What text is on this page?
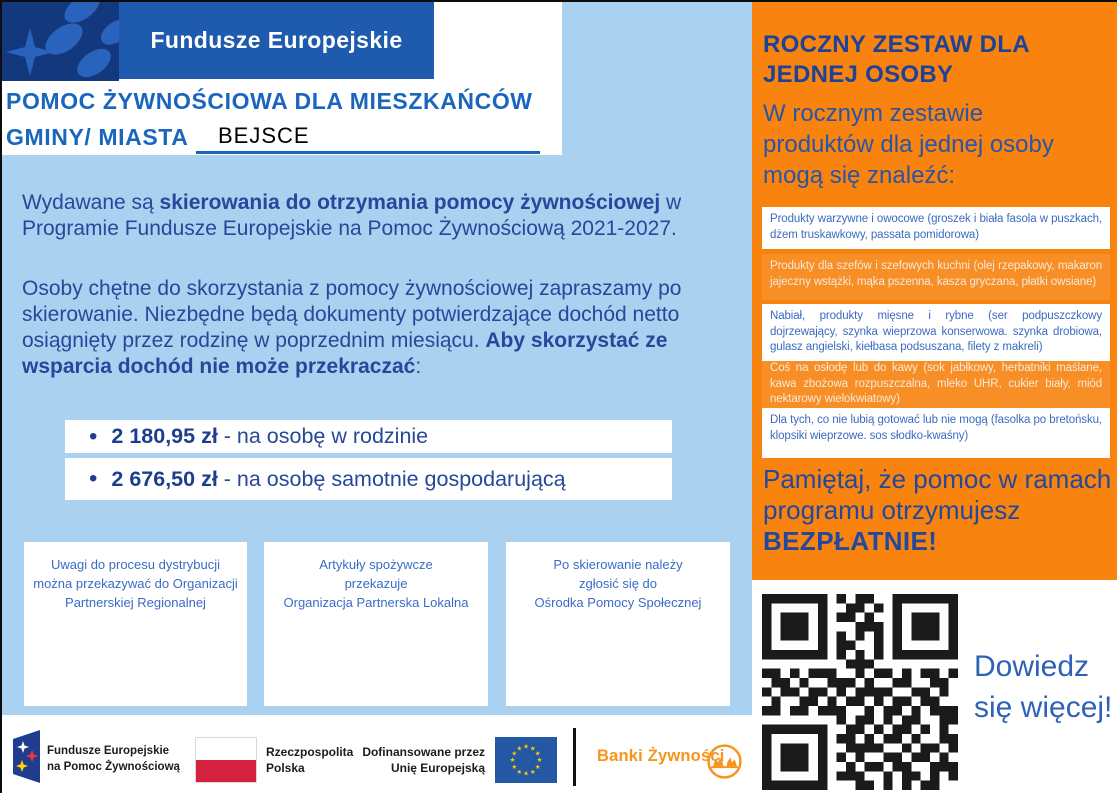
Fundusze Europejskie
POMOC ŻYWNOŚCIOWA DLA MIESZKAŃCÓW
GMINY/ MIASTA	BEJSCE
Wydawane są skierowania do otrzymania pomocy żywnościowej w
Programie Fundusze Europejskie na Pomoc Żywnościową 2021-2027.
Osoby chętne do skorzystania z pomocy żywnościowej zapraszamy po
skierowanie. Niezbędne będą dokumenty potwierdzające dochód netto
osiągnięty przez rodzinę w poprzednim miesiącu. Aby skorzystać ze
wsparcia dochód nie może przekraczać:
• 2 180,95 zł - na osobę w rodzinie
• 2 676,50 zł - na osobę samotnie gospodarującą
Uwagi do procesu dystrybucji
można przekazywać do Organizacji
Partnerskiej Regionalnej
Artykuły spożywcze
przekazuje
Organizacja Partnerska Lokalna
Po skierowanie należy
zgłosić się do
Ośrodka Pomocy Społecznej
ROCZNY ZESTAW DLA
JEDNEJ OSOBY
W rocznym zestawie
produktów dla jednej osoby
mogą się znaleźć:
Produkty warzywne i owocowe (groszek i biała fasola w puszkach, dżem truskawkowy, passata pomidorowa)
Produkty dla szefów i szefowych kuchni (olej rzepakowy, makaron jajeczny wstążki, mąka pszenna, kasza gryczana, płatki owsiane)
Nabiał, produkty mięsne i rybne (ser podpuszczkowy dojrzewający, szynka wieprzowa konserwowa. szynka drobiowa, gulasz angielski, kiełbasa podsuszana, filety z makreli)
Coś na osłodę lub do kawy (sok jabłkowy, herbatniki maślane, kawa zbożowa rozpuszczalna, mleko UHR, cukier biały, miód nektarowy wielokwiatowy)
Dla tych, co nie lubią gotować lub nie mogą (fasolka po bretońsku, klopsiki wieprzowe. sos słodko-kwaśny)
Pamiętaj, że pomoc w ramach
programu otrzymujesz
BEZPŁATNIE!
Dowiedz
się więcej!
Fundusze Europejskie
na Pomoc Żywnościową
Rzeczpospolita
Polska
Dofinansowane przez
Unię Europejską
★ ★
★
★
★
★
★
★
★
★
★
★	Banki Żywności
